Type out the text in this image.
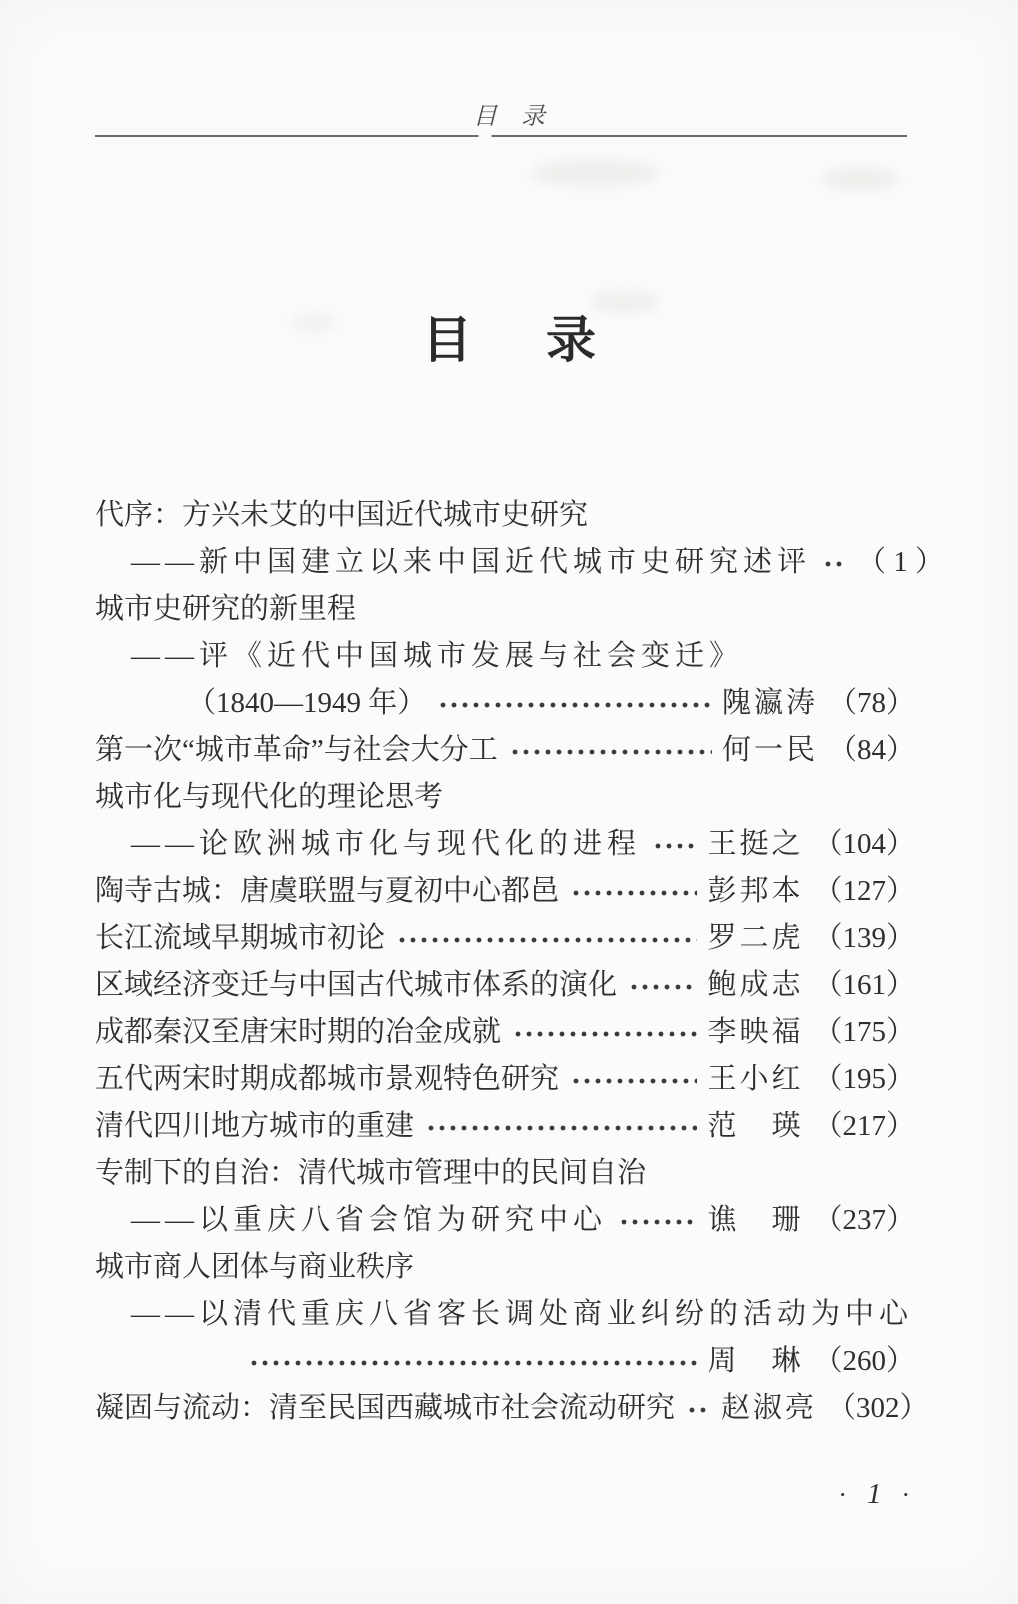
目　录
目　录
代序：方兴未艾的中国近代城市史研究
——新中国建立以来中国近代城市史研究述评 （ 1 ）
城市史研究的新里程
——评《近代中国城市发展与社会变迁》
（1840—1949 年）	隗瀛涛 （78）
第一次“城市革命”与社会大分工	何一民 （84）
城市化与现代化的理论思考
——论欧洲城市化与现代化的进程 王挺之 （104）
陶寺古城：唐虞联盟与夏初中心都邑	彭邦本 （127）
长江流域早期城市初论	罗二虎 （139）
区域经济变迁与中国古代城市体系的演化	鲍成志 （161）
成都秦汉至唐宋时期的冶金成就	李映福 （175）
五代两宋时期成都城市景观特色研究	王小红 （195）
清代四川地方城市的重建	范　瑛 （217）
专制下的自治：清代城市管理中的民间自治
——以重庆八省会馆为研究中心	谯　珊 （237）
城市商人团体与商业秩序
——以清代重庆八省客长调处商业纠纷的活动为中心
周　琳 （260）
凝固与流动：清至民国西藏城市社会流动研究 赵淑亮 （302）
• 1 •
